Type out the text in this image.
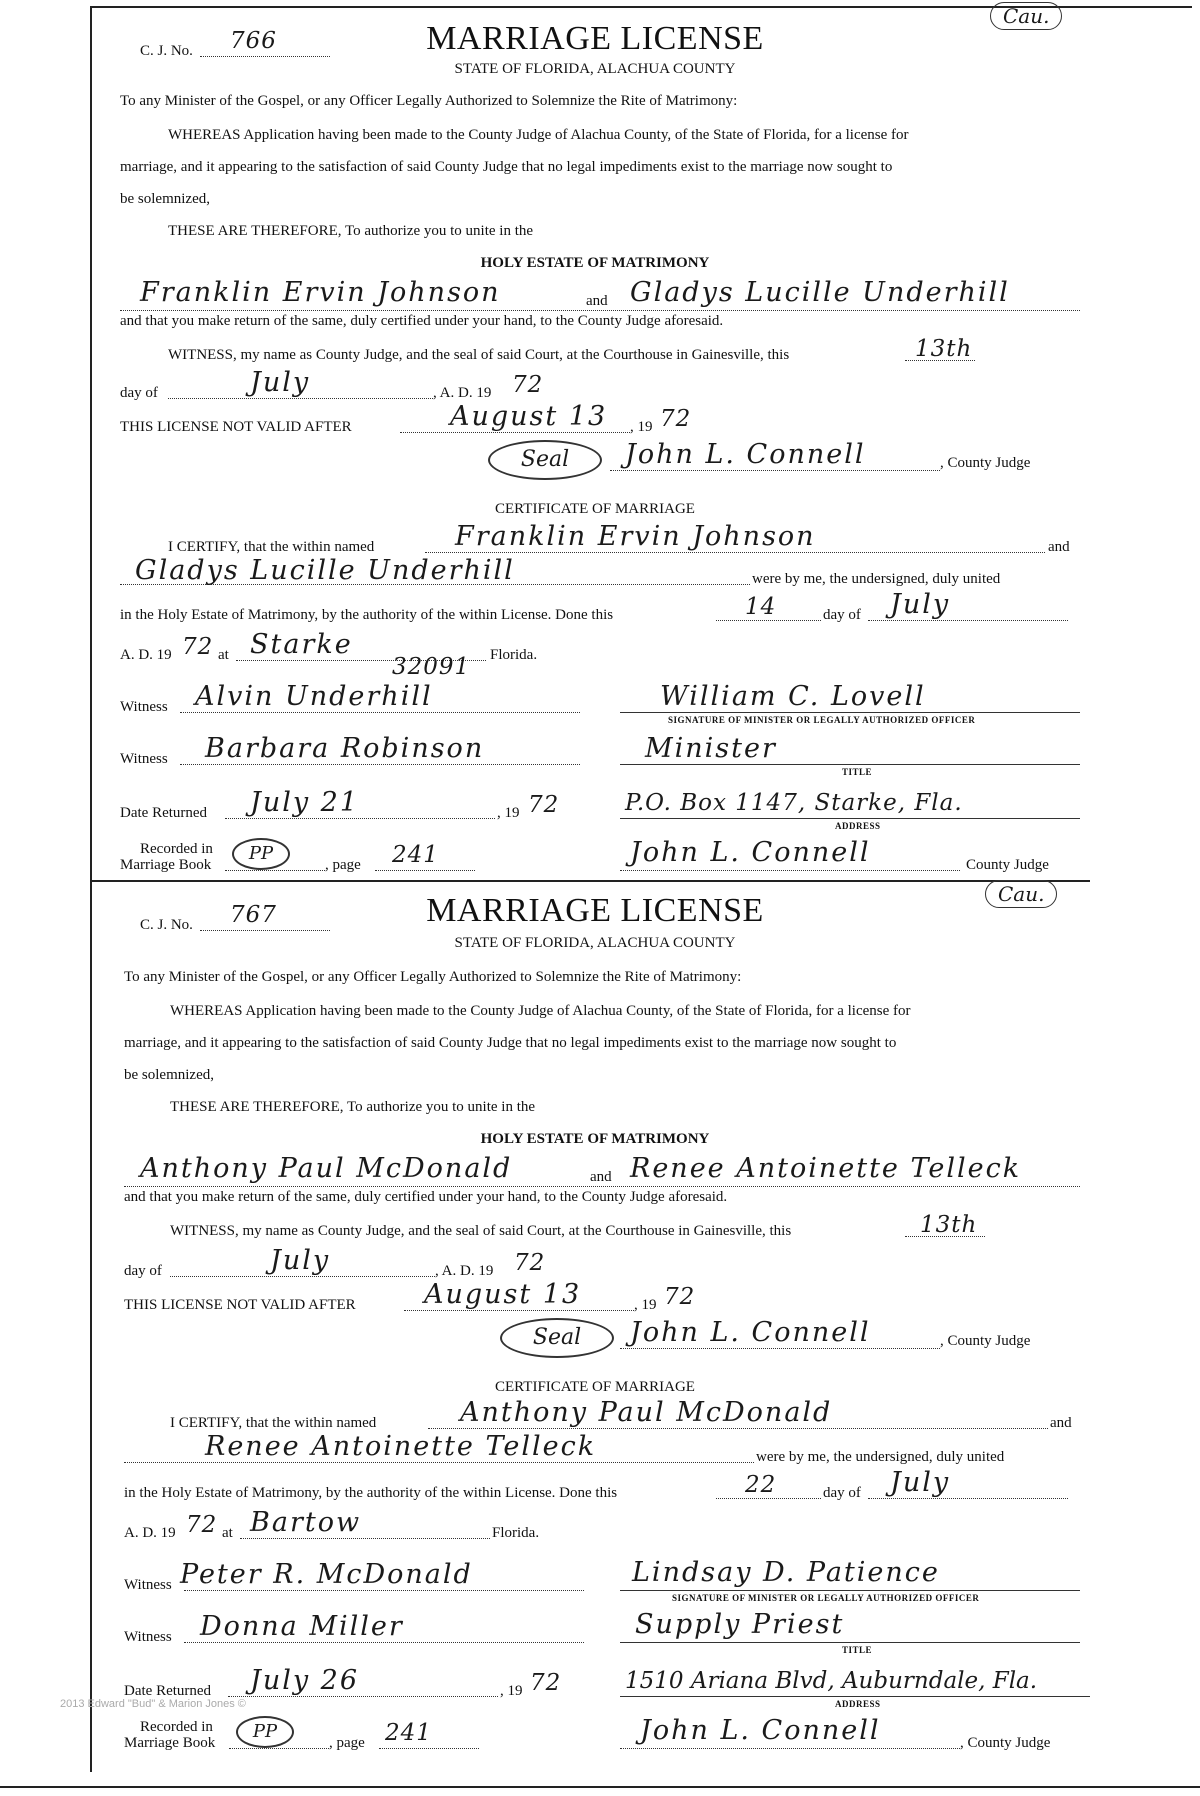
C. J. No. 766
Cau.
MARRIAGE LICENSE
STATE OF FLORIDA, ALACHUA COUNTY
To any Minister of the Gospel, or any Officer Legally Authorized to Solemnize the Rite of Matrimony:
WHEREAS Application having been made to the County Judge of Alachua County, of the State of Florida, for a license for
marriage, and it appearing to the satisfaction of said County Judge that no legal impediments exist to the marriage now sought to
be solemnized,
THESE ARE THEREFORE, To authorize you to unite in the
HOLY ESTATE OF MATRIMONY
Franklin Ervin Johnson	and Gladys Lucille Underhill
and that you make return of the same, duly certified under your hand, to the County Judge aforesaid.
WITNESS, my name as County Judge, and the seal of said Court, at the Courthouse in Gainesville, this	13th
day of	July	, A. D. 19 72
THIS LICENSE NOT VALID AFTER	August 13 , 19 72
Seal	John L. Connell	, County Judge
CERTIFICATE OF MARRIAGE
I CERTIFY, that the within named	Franklin Ervin Johnson	and
Gladys Lucille Underhill	were by me, the undersigned, duly united
in the Holy Estate of Matrimony, by the authority of the within License. Done this	14	day of July
A. D. 19 72 at Starke	Florida.
32091
Witness Alvin Underhill	William C. Lovell
SIGNATURE OF MINISTER OR LEGALLY AUTHORIZED OFFICER
Witness Barbara Robinson	Minister
TITLE
Date Returned July 21	, 19 72	P.O. Box 1147, Starke, Fla.
ADDRESS
Recorded in
Marriage Book
PP
, page 241	John L. Connell	County Judge
C. J. No. 767
Cau.
MARRIAGE LICENSE
STATE OF FLORIDA, ALACHUA COUNTY
To any Minister of the Gospel, or any Officer Legally Authorized to Solemnize the Rite of Matrimony:
WHEREAS Application having been made to the County Judge of Alachua County, of the State of Florida, for a license for
marriage, and it appearing to the satisfaction of said County Judge that no legal impediments exist to the marriage now sought to
be solemnized,
THESE ARE THEREFORE, To authorize you to unite in the
HOLY ESTATE OF MATRIMONY
Anthony Paul McDonald	and Renee Antoinette Telleck
and that you make return of the same, duly certified under your hand, to the County Judge aforesaid.
WITNESS, my name as County Judge, and the seal of said Court, at the Courthouse in Gainesville, this	13th
day of	July	, A. D. 19 72
THIS LICENSE NOT VALID AFTER	August 13	, 19 72
Seal	John L. Connell	, County Judge
CERTIFICATE OF MARRIAGE
I CERTIFY, that the within named	Anthony Paul McDonald	and
Renee Antoinette Telleck	were by me, the undersigned, duly united
in the Holy Estate of Matrimony, by the authority of the within License. Done this	22	day of July
A. D. 19 72 at Bartow	Florida.
Witness Peter R. McDonald	Lindsay D. Patience
SIGNATURE OF MINISTER OR LEGALLY AUTHORIZED OFFICER
Witness Donna Miller	Supply Priest
TITLE
Date Returned July 26	, 19 72	1510 Ariana Blvd, Auburndale, Fla.
ADDRESS
Recorded in
Marriage Book
PP
, page 241	John L. Connell	, County Judge
2013 Edward "Bud" & Marion Jones ©
